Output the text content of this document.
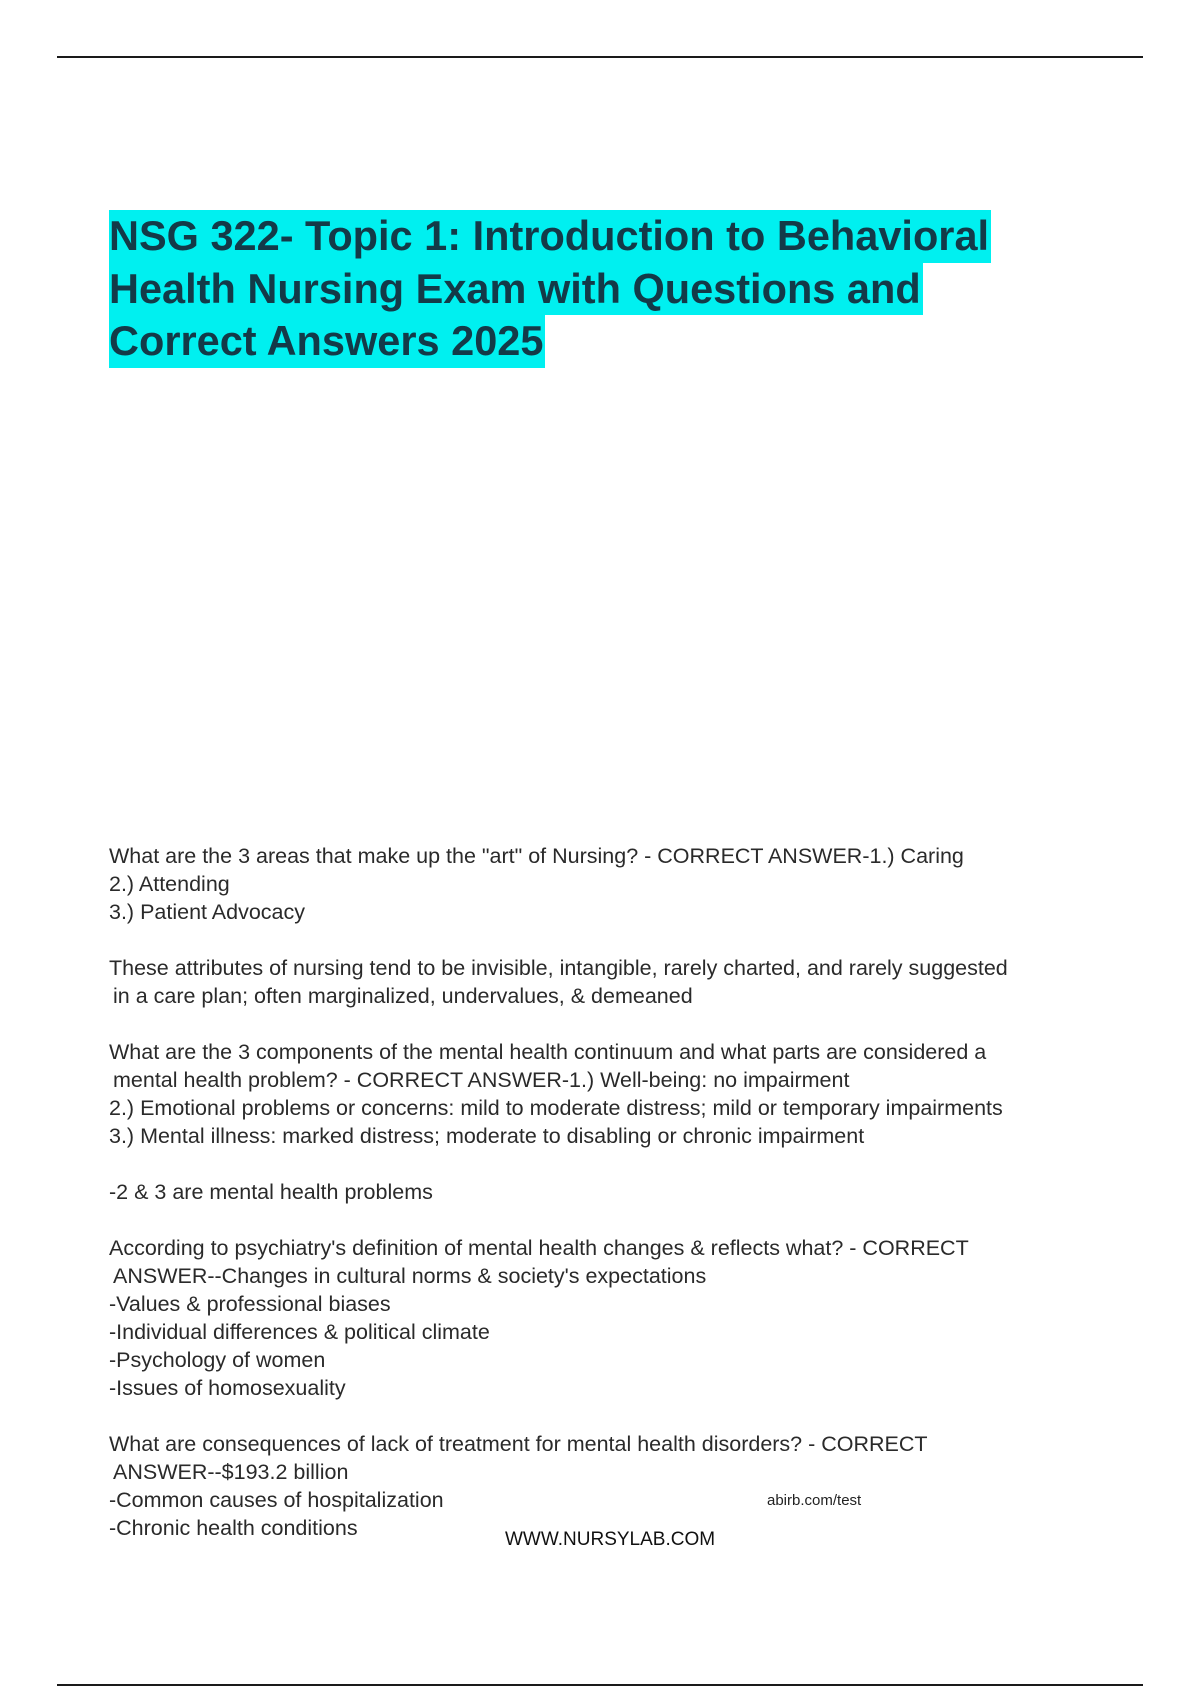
NSG 322- Topic 1: Introduction to Behavioral
Health Nursing Exam with Questions and
Correct Answers 2025

What are the 3 areas that make up the "art" of Nursing? - CORRECT ANSWER-1.) Caring
2.) Attending
3.) Patient Advocacy

These attributes of nursing tend to be invisible, intangible, rarely charted, and rarely suggested
in a care plan; often marginalized, undervalues, & demeaned

What are the 3 components of the mental health continuum and what parts are considered a
mental health problem? - CORRECT ANSWER-1.) Well-being: no impairment
2.) Emotional problems or concerns: mild to moderate distress; mild or temporary impairments
3.) Mental illness: marked distress; moderate to disabling or chronic impairment

-2 & 3 are mental health problems

According to psychiatry's definition of mental health changes & reflects what? - CORRECT
ANSWER--Changes in cultural norms & society's expectations
-Values & professional biases
-Individual differences & political climate
-Psychology of women
-Issues of homosexuality

What are consequences of lack of treatment for mental health disorders? - CORRECT
ANSWER--$193.2 billion
-Common causes of hospitalization
-Chronic health conditions

abirb.com/test
WWW.NURSYLAB.COM
